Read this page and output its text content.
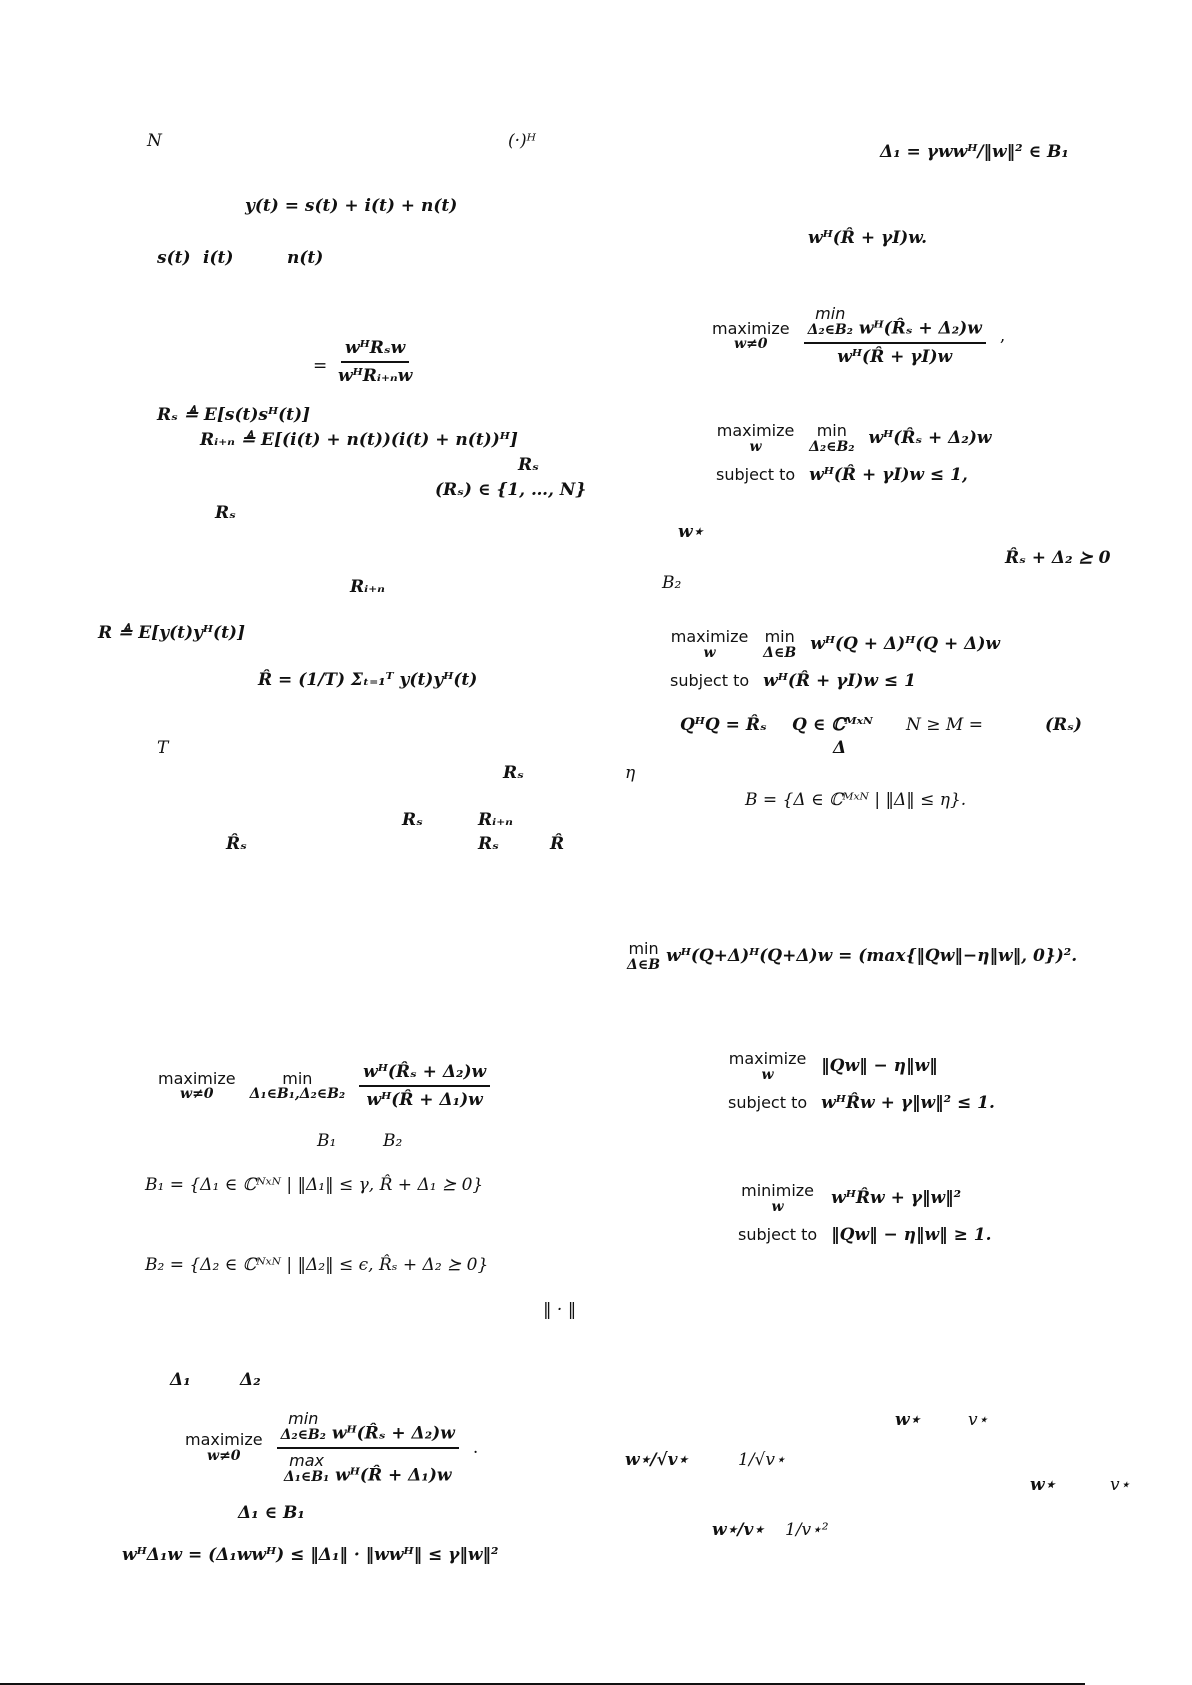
N	(·)ᴴ
y(t) = s(t) + i(t) + n(t)
s(t) i(t)	n(t)
=
wᴴRₛw
wᴴRᵢ₊ₙw
Rₛ ≜ E[s(t)sᴴ(t)]
Rᵢ₊ₙ ≜ E[(i(t) + n(t))(i(t) + n(t))ᴴ]
Rₛ
(Rₛ) ∈ {1, …, N}
Rₛ
Rᵢ₊ₙ
R ≜ E[y(t)yᴴ(t)]
R̂ = (1/T) Σₜ₌₁ᵀ y(t)yᴴ(t)
T
Rₛ
Rₛ	Rᵢ₊ₙ
R̂ₛ	Rₛ	R̂
maximize
w≠0
min
Δ₁∈B₁,Δ₂∈B₂ $\frac{\text{wᴴ(R̂ₛ + Δ₂)w}}{\text{wᴴ(R̂ + Δ₁)w}}$
B₁	B₂
B₁ = {Δ₁ ∈ ℂᴺˣᴺ | ‖Δ₁‖ ≤ γ, R̂ + Δ₁ ⪰ 0}
B₂ = {Δ₂ ∈ ℂᴺˣᴺ | ‖Δ₂‖ ≤ ϵ, R̂ₛ + Δ₂ ⪰ 0}
‖ · ‖
Δ₁	Δ₂
maximize
w≠0	min
Δ₂∈B₂ wᴴ(R̂ₛ + Δ₂)w
max
Δ₁∈B₁ wᴴ(R̂ + Δ₁)w .
Δ₁ ∈ B₁
wᴴΔ₁w = (Δ₁wwᴴ) ≤ ‖Δ₁‖ · ‖wwᴴ‖ ≤ γ‖w‖²
Δ₁ = γwwᴴ/‖w‖² ∈ B₁
wᴴ(R̂ + γI)w.
maximize
w≠0	min
Δ₂∈B₂ wᴴ(R̂ₛ + Δ₂)w
wᴴ(R̂ + γI)w ,
maximize
w
min
Δ₂∈B₂ wᴴ(R̂ₛ + Δ₂)w
subject to wᴴ(R̂ + γI)w ≤ 1,
w⋆
R̂ₛ + Δ₂ ⪰ 0
B₂
maximize
w
min
Δ∈B wᴴ(Q + Δ)ᴴ(Q + Δ)w
subject to wᴴ(R̂ + γI)w ≤ 1
QᴴQ = R̂ₛ Q ∈ ℂᴹˣᴺ N ≥ M =	(Rₛ)
Δ
η
B = {Δ ∈ ℂᴹˣᴺ | ‖Δ‖ ≤ η}.
min
Δ∈B wᴴ(Q+Δ)ᴴ(Q+Δ)w = (max{‖Qw‖−η‖w‖, 0})².
maximize
w	‖Qw‖ − η‖w‖
subject to wᴴR̂w + γ‖w‖² ≤ 1.
minimize
w	wᴴR̂w + γ‖w‖²
subject to ‖Qw‖ − η‖w‖ ≥ 1.
w⋆	v⋆
w⋆/√v⋆	1/√v⋆
w⋆	v⋆
w⋆/v⋆ 1/v⋆²
